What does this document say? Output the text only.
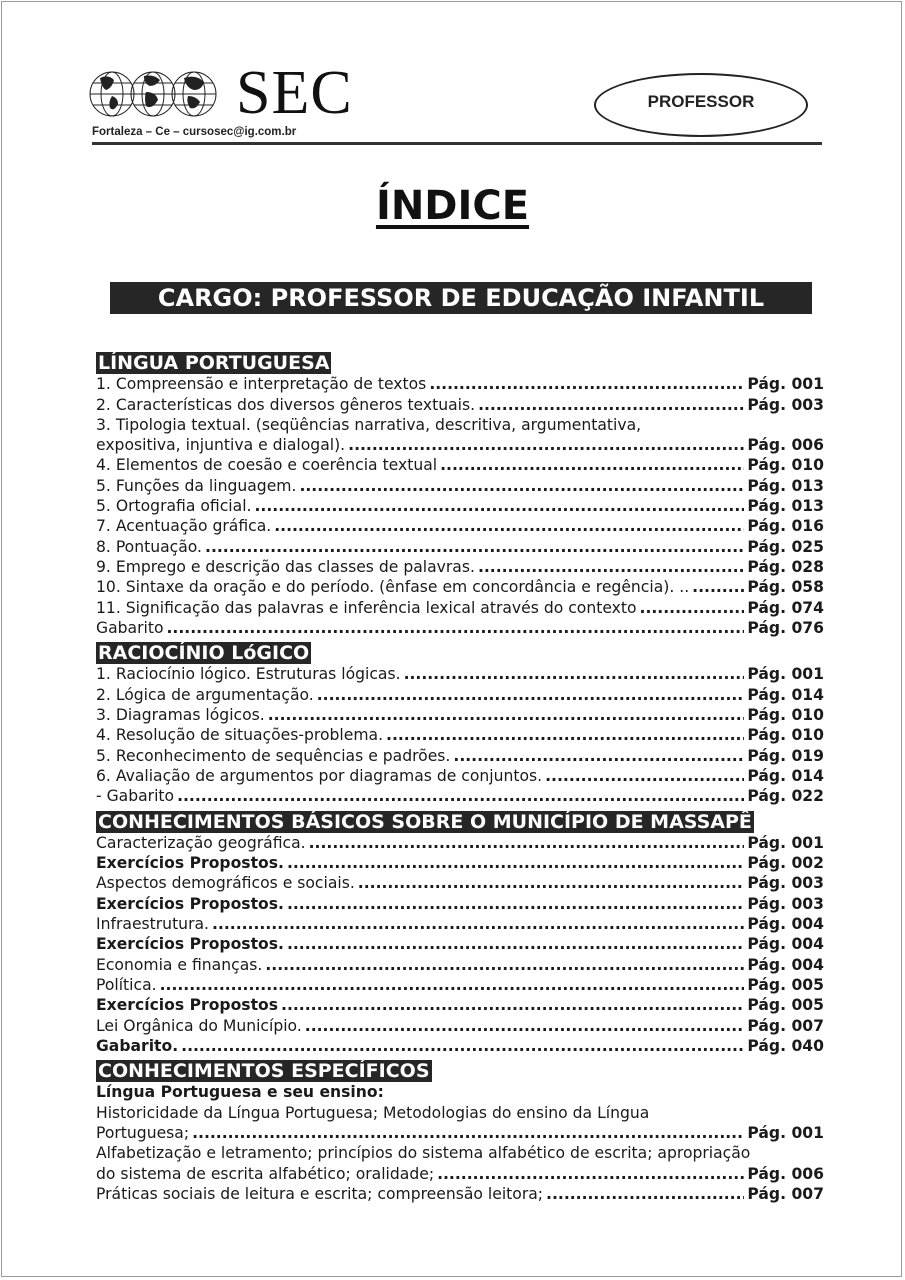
SEC
Fortaleza – Ce – cursosec@ig.com.br
PROFESSOR
ÍNDICE
CARGO: PROFESSOR DE EDUCAÇÃO INFANTIL
LÍNGUA PORTUGUESA
1. Compreensão e interpretação de textos .....	Pág. 001
2. Características dos diversos gêneros textuais. .....	Pág. 003
3. Tipologia textual. (seqüências narrativa, descritiva, argumentativa,
expositiva, injuntiva e dialogal). .....	Pág. 006
4. Elementos de coesão e coerência textual .....	Pág. 010
5. Funções da linguagem. .....	Pág. 013
5. Ortografia oficial. .....	Pág. 013
7. Acentuação gráfica. .....	Pág. 016
8. Pontuação. .....	Pág. 025
9. Emprego e descrição das classes de palavras. .....	Pág. 028
10. Sintaxe da oração e do período. (ênfase em concordância e regência). .. .....	Pág. 058
11. Significação das palavras e inferência lexical através do contexto .....	Pág. 074
Gabarito .....	Pág. 076
RACIOCÍNIO LóGICO
1. Raciocínio lógico. Estruturas lógicas. .....	Pág. 001
2. Lógica de argumentação. .....	Pág. 014
3. Diagramas lógicos. .....	Pág. 010
4. Resolução de situações-problema. .....	Pág. 010
5. Reconhecimento de sequências e padrões. .....	Pág. 019
6. Avaliação de argumentos por diagramas de conjuntos. .....	Pág. 014
- Gabarito .....	Pág. 022
CONHECIMENTOS BÁSICOS SOBRE O MUNICÍPIO DE MASSAPÊ
Caracterização geográfica. .....	Pág. 001
Exercícios Propostos. .....	Pág. 002
Aspectos demográficos e sociais. .....	Pág. 003
Exercícios Propostos. .....	Pág. 003
Infraestrutura. .....	Pág. 004
Exercícios Propostos. .....	Pág. 004
Economia e finanças. .....	Pág. 004
Política. .....	Pág. 005
Exercícios Propostos .....	Pág. 005
Lei Orgânica do Município. .....	Pág. 007
Gabarito. .....	Pág. 040
CONHECIMENTOS ESPECÍFICOS
Língua Portuguesa e seu ensino:
Historicidade da Língua Portuguesa; Metodologias do ensino da Língua
Portuguesa; .....	Pág. 001
Alfabetização e letramento; princípios do sistema alfabético de escrita; apropriação
do sistema de escrita alfabético; oralidade; .....	Pág. 006
Práticas sociais de leitura e escrita; compreensão leitora; .....	Pág. 007
